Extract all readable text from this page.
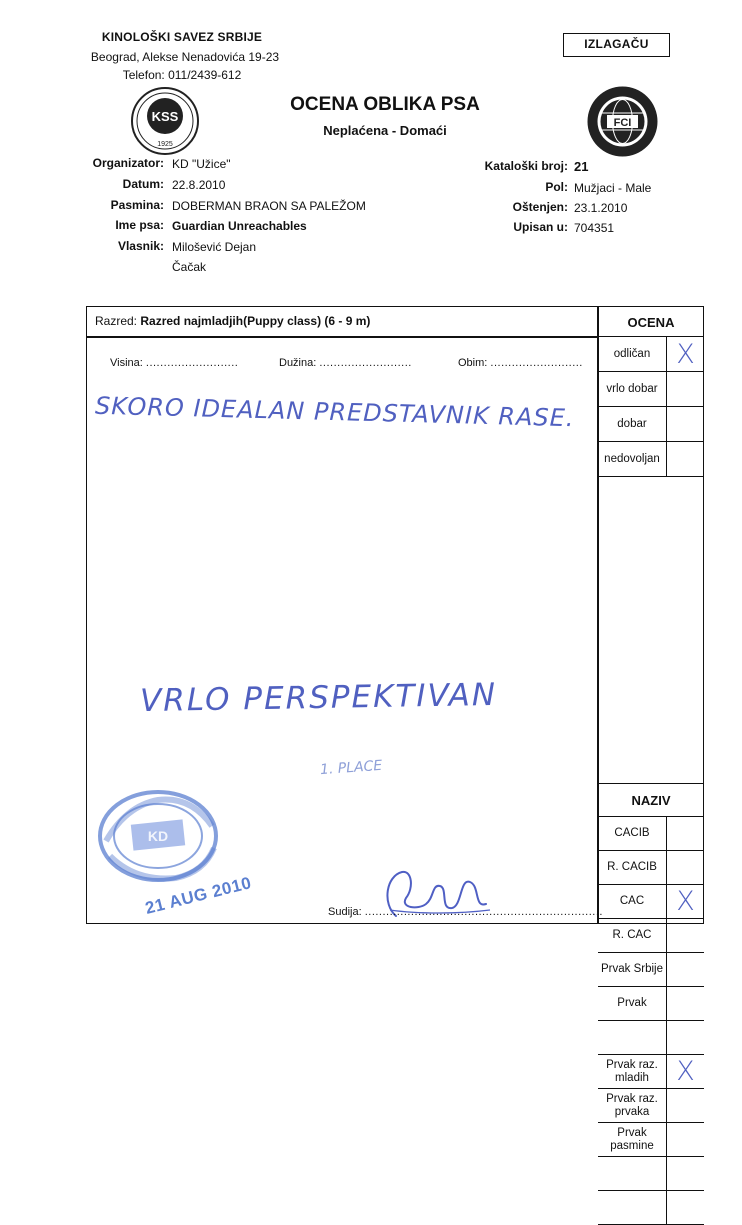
KINOLOŠKI SAVEZ SRBIJE
Beograd, Alekse Nenadovića 19-23
Telefon: 011/2439-612
IZLAGAČU
OCENA OBLIKA PSA
Neplaćena - Domaći
KSS
1925
FCI
Organizator: KD "Užice"
Datum: 22.8.2010
Pasmina: DOBERMAN BRAON SA PALEŽOM
Ime psa: Guardian Unreachables
Vlasnik: Milošević Dejan
Čačak
Kataloški broj: 21
Pol: Mužjaci - Male
Oštenjen: 23.1.2010
Upisan u: 704351
Razred: Razred najmladjih(Puppy class) (6 - 9 m)
Visina: ..........................	Dužina: ..........................	Obim: ..........................
SKORO IDEALAN PREDSTAVNIK RASE.
VRLO PERSPEKTIVAN
1. PLACE
KD
21 AUG 2010	Sudija: ...................................................................
OCENA
odličan X
vrlo dobar
dobar
nedovoljan
NAZIV
CACIB
R. CACIB
CAC	X
R. CAC
Prvak Srbije
Prvak
Prvak raz. mladih	X
Prvak raz. prvaka
Prvak pasmine
